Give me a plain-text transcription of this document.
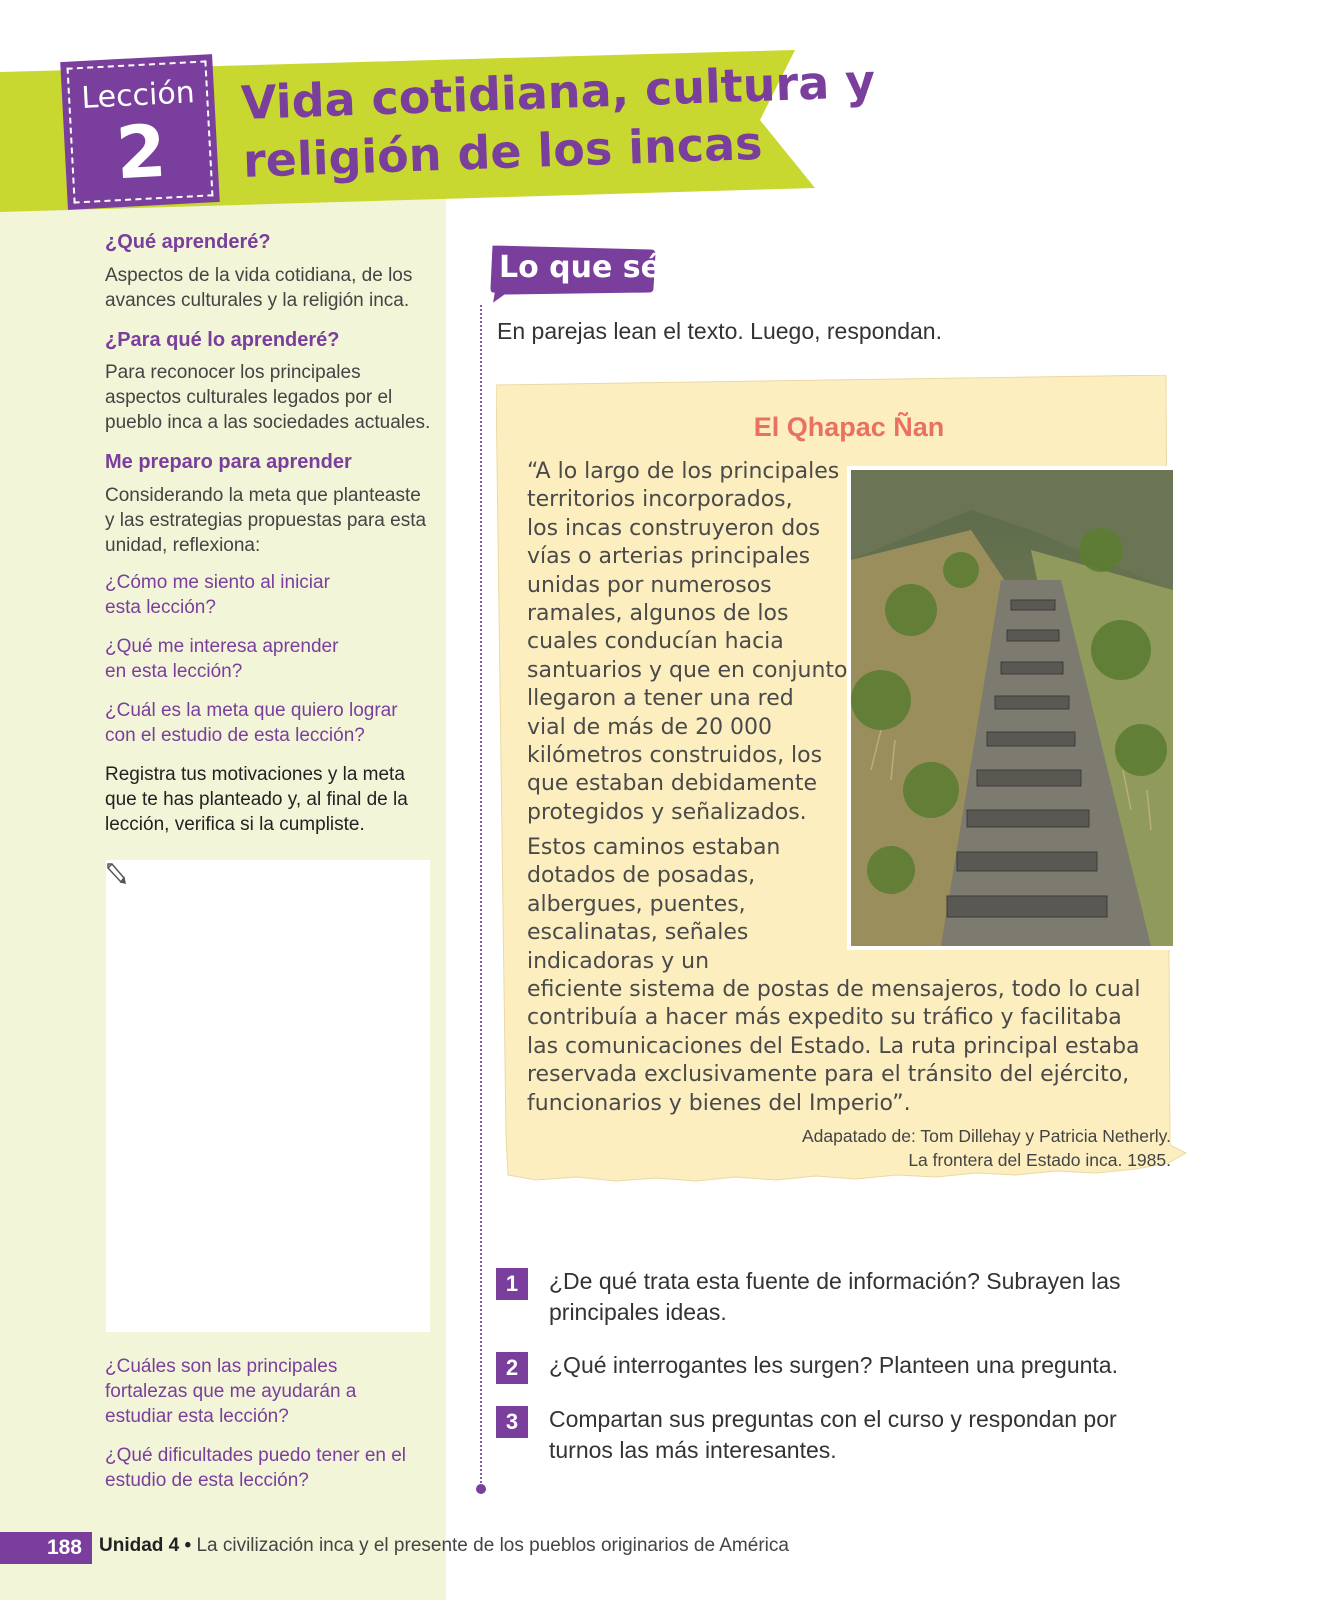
Lección
2
Vida cotidiana, cultura y
religión de los incas
¿Qué aprenderé?
Aspectos de la vida cotidiana, de los
avances culturales y la religión inca.
¿Para qué lo aprenderé?
Para reconocer los principales
aspectos culturales legados por el
pueblo inca a las sociedades actuales.
Me preparo para aprender
Considerando la meta que planteaste
y las estrategias propuestas para esta
unidad, reflexiona:
¿Cómo me siento al iniciar
esta lección?
¿Qué me interesa aprender
en esta lección?
¿Cuál es la meta que quiero lograr
con el estudio de esta lección?
Registra tus motivaciones y la meta
que te has planteado y, al final de la
lección, verifica si la cumpliste.
¿Cuáles son las principales
fortalezas que me ayudarán a
estudiar esta lección?
¿Qué dificultades puedo tener en el
estudio de esta lección?
Lo que sé
En parejas lean el texto. Luego, respondan.
El Qhapac Ñan
“A lo largo de los principales
territorios incorporados,
los incas construyeron dos
vías o arterias principales
unidas por numerosos
ramales, algunos de los
cuales conducían hacia
santuarios y que en conjunto
llegaron a tener una red
vial de más de 20 000
kilómetros construidos, los
que estaban debidamente
protegidos y señalizados.
Estos caminos estaban
dotados de posadas,
albergues, puentes,
escalinatas, señales
indicadoras y un
eficiente sistema de postas de mensajeros, todo lo cual
contribuía a hacer más expedito su tráfico y facilitaba
las comunicaciones del Estado. La ruta principal estaba
reservada exclusivamente para el tránsito del ejército,
funcionarios y bienes del Imperio”.
Adapatado de: Tom Dillehay y Patricia Netherly.
La frontera del Estado inca. 1985.
1	¿De qué trata esta fuente de información? Subrayen las
principales ideas.
2	¿Qué interrogantes les surgen? Planteen una pregunta.
3	Compartan sus preguntas con el curso y respondan por
turnos las más interesantes.
188 Unidad 4 • La civilización inca y el presente de los pueblos originarios de América
